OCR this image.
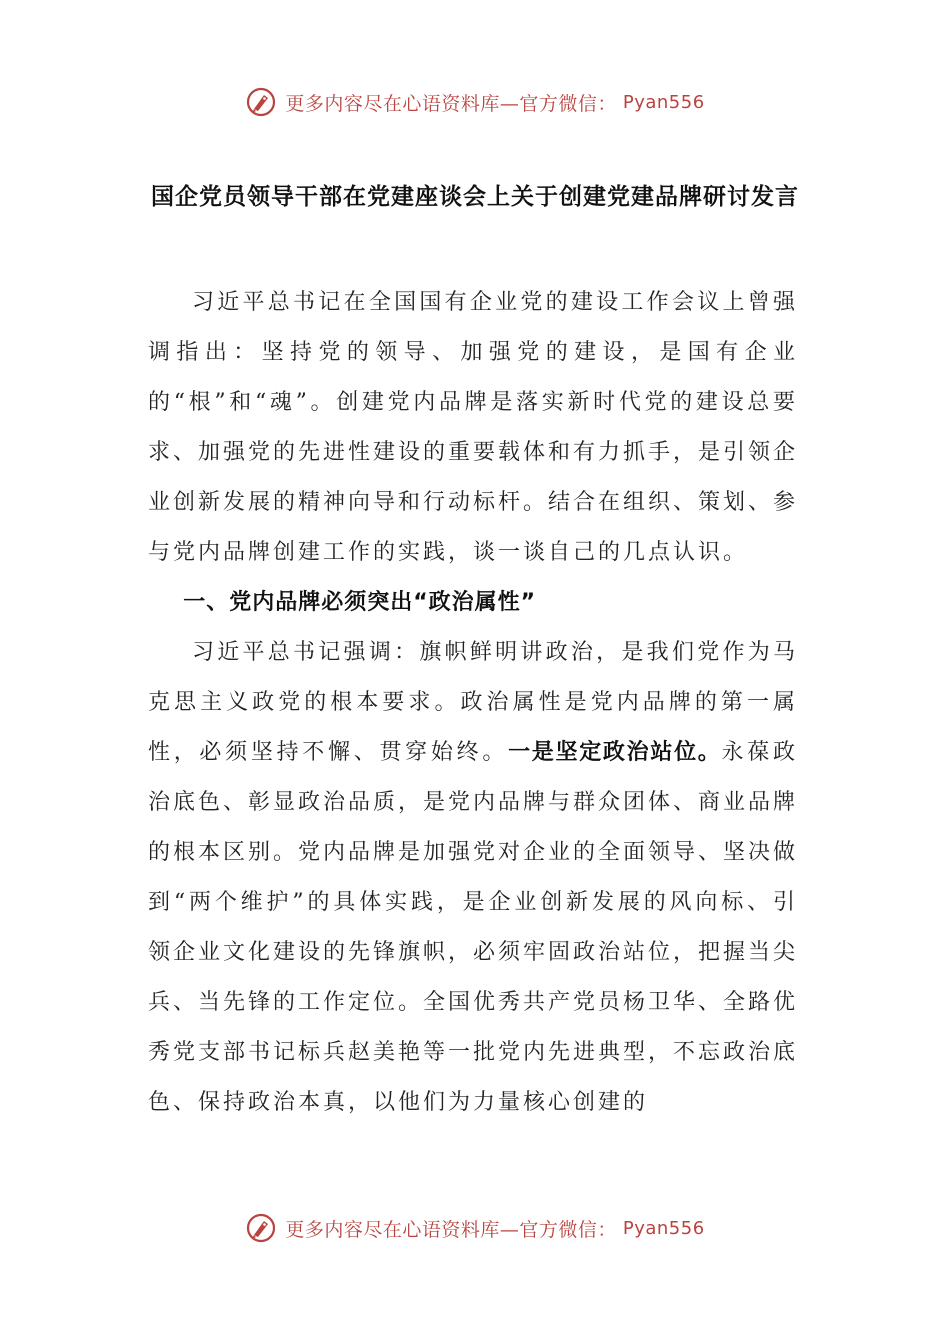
更多内容尽在心语资料库—官方微信： Pyan556
国企党员领导干部在党建座谈会上关于创建党建品牌研讨发言

习近平总书记在全国国有企业党的建设工作会议上曾强调指出：坚持党的领导、加强党的建设，是国有企业的“根”和“魂”。创建党内品牌是落实新时代党的建设总要求、加强党的先进性建设的重要载体和有力抓手，是引领企业创新发展的精神向导和行动标杆。结合在组织、策划、参与党内品牌创建工作的实践，谈一谈自己的几点认识。

一、党内品牌必须突出“政治属性”

习近平总书记强调：旗帜鲜明讲政治，是我们党作为马克思主义政党的根本要求。政治属性是党内品牌的第一属性，必须坚持不懈、贯穿始终。一是坚定政治站位。永葆政治底色、彰显政治品质，是党内品牌与群众团体、商业品牌的根本区别。党内品牌是加强党对企业的全面领导、坚决做到“两个维护”的具体实践，是企业创新发展的风向标、引领企业文化建设的先锋旗帜，必须牢固政治站位，把握当尖兵、当先锋的工作定位。全国优秀共产党员杨卫华、全路优秀党支部书记标兵赵美艳等一批党内先进典型，不忘政治底色、保持政治本真，以他们为力量核心创建的

更多内容尽在心语资料库—官方微信： Pyan556
